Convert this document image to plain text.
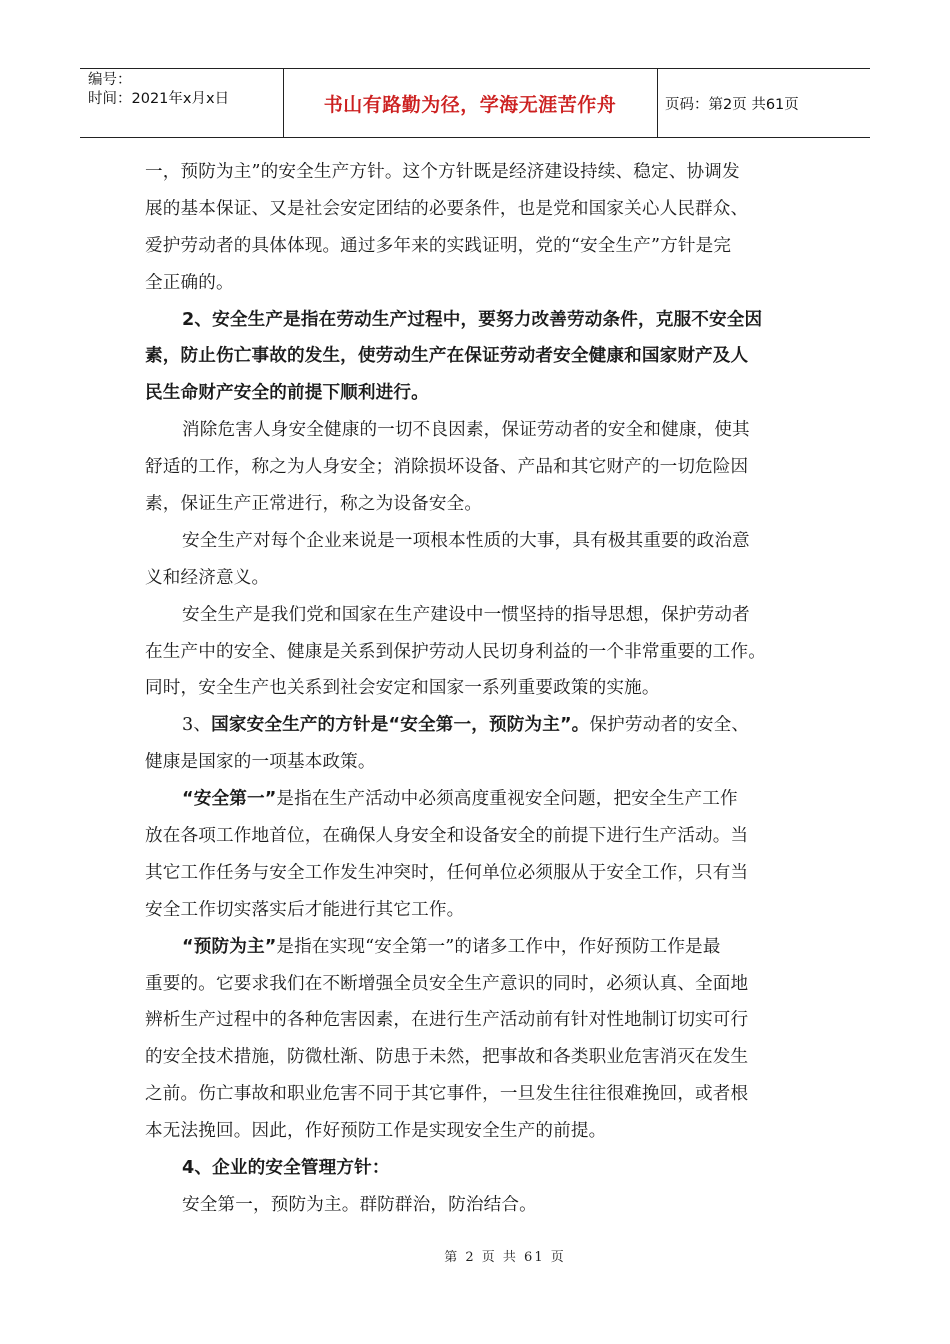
编号：
时间：2021年x月x日	书山有路勤为径，学海无涯苦作舟	页码：第2页 共61页
一，预防为主”的安全生产方针。这个方针既是经济建设持续、稳定、协调发
展的基本保证、又是社会安定团结的必要条件，也是党和国家关心人民群众、
爱护劳动者的具体体现。通过多年来的实践证明，党的“安全生产”方针是完
全正确的。
2、安全生产是指在劳动生产过程中，要努力改善劳动条件，克服不安全因
素，防止伤亡事故的发生，使劳动生产在保证劳动者安全健康和国家财产及人
民生命财产安全的前提下顺利进行。
消除危害人身安全健康的一切不良因素，保证劳动者的安全和健康，使其
舒适的工作，称之为人身安全；消除损坏设备、产品和其它财产的一切危险因
素，保证生产正常进行，称之为设备安全。
安全生产对每个企业来说是一项根本性质的大事，具有极其重要的政治意
义和经济意义。
安全生产是我们党和国家在生产建设中一惯坚持的指导思想，保护劳动者
在生产中的安全、健康是关系到保护劳动人民切身利益的一个非常重要的工作。
同时，安全生产也关系到社会安定和国家一系列重要政策的实施。
3、国家安全生产的方针是“安全第一，预防为主”。保护劳动者的安全、
健康是国家的一项基本政策。
“安全第一”是指在生产活动中必须高度重视安全问题，把安全生产工作
放在各项工作地首位，在确保人身安全和设备安全的前提下进行生产活动。当
其它工作任务与安全工作发生冲突时，任何单位必须服从于安全工作，只有当
安全工作切实落实后才能进行其它工作。
“预防为主”是指在实现“安全第一”的诸多工作中，作好预防工作是最
重要的。它要求我们在不断增强全员安全生产意识的同时，必须认真、全面地
辨析生产过程中的各种危害因素，在进行生产活动前有针对性地制订切实可行
的安全技术措施，防微杜渐、防患于未然，把事故和各类职业危害消灭在发生
之前。伤亡事故和职业危害不同于其它事件，一旦发生往往很难挽回，或者根
本无法挽回。因此，作好预防工作是实现安全生产的前提。
4、企业的安全管理方针：
安全第一，预防为主。群防群治，防治结合。
第 2 页 共 61 页
